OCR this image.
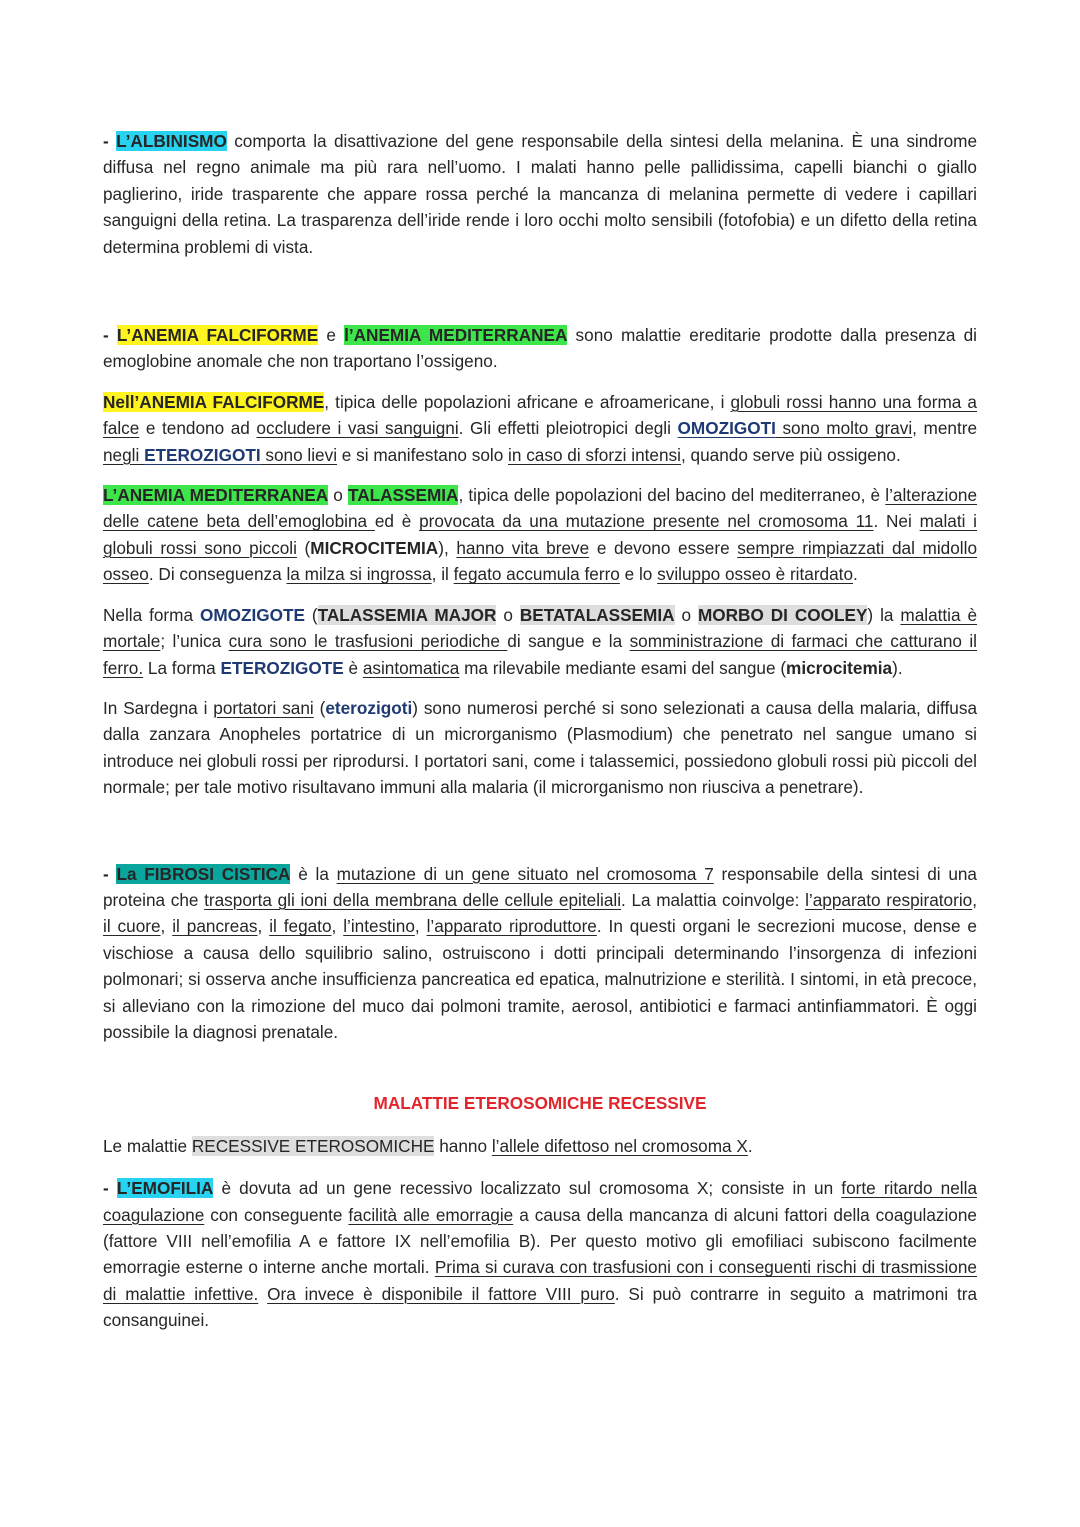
- L’ALBINISMO comporta la disattivazione del gene responsabile della sintesi della melanina. È una sindrome diffusa nel regno animale ma più rara nell’uomo. I malati hanno pelle pallidissima, capelli bianchi o giallo paglierino, iride trasparente che appare rossa perché la mancanza di melanina permette di vedere i capillari sanguigni della retina. La trasparenza dell’iride rende i loro occhi molto sensibili (fotofobia) e un difetto della retina determina problemi di vista.

- L’ANEMIA FALCIFORME e l’ANEMIA MEDITERRANEA sono malattie ereditarie prodotte dalla presenza di emoglobine anomale che non traportano l’ossigeno.

Nell’ANEMIA FALCIFORME, tipica delle popolazioni africane e afroamericane, i globuli rossi hanno una forma a falce e tendono ad occludere i vasi sanguigni. Gli effetti pleiotropici degli OMOZIGOTI sono molto gravi, mentre negli ETEROZIGOTI sono lievi e si manifestano solo in caso di sforzi intensi, quando serve più ossigeno.

L’ANEMIA MEDITERRANEA o TALASSEMIA, tipica delle popolazioni del bacino del mediterraneo, è l’alterazione delle catene beta dell’emoglobina ed è provocata da una mutazione presente nel cromosoma 11. Nei malati i globuli rossi sono piccoli (MICROCITEMIA), hanno vita breve e devono essere sempre rimpiazzati dal midollo osseo. Di conseguenza la milza si ingrossa, il fegato accumula ferro e lo sviluppo osseo è ritardato.

Nella forma OMOZIGOTE (TALASSEMIA MAJOR o BETATALASSEMIA o MORBO DI COOLEY) la malattia è mortale; l’unica cura sono le trasfusioni periodiche di sangue e la somministrazione di farmaci che catturano il ferro. La forma ETEROZIGOTE è asintomatica ma rilevabile mediante esami del sangue (microcitemia).

In Sardegna i portatori sani (eterozigoti) sono numerosi perché si sono selezionati a causa della malaria, diffusa dalla zanzara Anopheles portatrice di un microrganismo (Plasmodium) che penetrato nel sangue umano si introduce nei globuli rossi per riprodursi. I portatori sani, come i talassemici, possiedono globuli rossi più piccoli del normale; per tale motivo risultavano immuni alla malaria (il microrganismo non riusciva a penetrare).

- La FIBROSI CISTICA è la mutazione di un gene situato nel cromosoma 7 responsabile della sintesi di una proteina che trasporta gli ioni della membrana delle cellule epiteliali. La malattia coinvolge: l’apparato respiratorio, il cuore, il pancreas, il fegato, l’intestino, l’apparato riproduttore. In questi organi le secrezioni mucose, dense e vischiose a causa dello squilibrio salino, ostruiscono i dotti principali determinando l’insorgenza di infezioni polmonari; si osserva anche insufficienza pancreatica ed epatica, malnutrizione e sterilità. I sintomi, in età precoce, si alleviano con la rimozione del muco dai polmoni tramite, aerosol, antibiotici e farmaci antinfiammatori. È oggi possibile la diagnosi prenatale.

MALATTIE ETEROSOMICHE RECESSIVE

Le malattie RECESSIVE ETEROSOMICHE hanno l’allele difettoso nel cromosoma X.

- L’EMOFILIA è dovuta ad un gene recessivo localizzato sul cromosoma X; consiste in un forte ritardo nella coagulazione con conseguente facilità alle emorragie a causa della mancanza di alcuni fattori della coagulazione (fattore VIII nell’emofilia A e fattore IX nell’emofilia B). Per questo motivo gli emofiliaci subiscono facilmente emorragie esterne o interne anche mortali. Prima si curava con trasfusioni con i conseguenti rischi di trasmissione di malattie infettive. Ora invece è disponibile il fattore VIII puro. Si può contrarre in seguito a matrimoni tra consanguinei.
